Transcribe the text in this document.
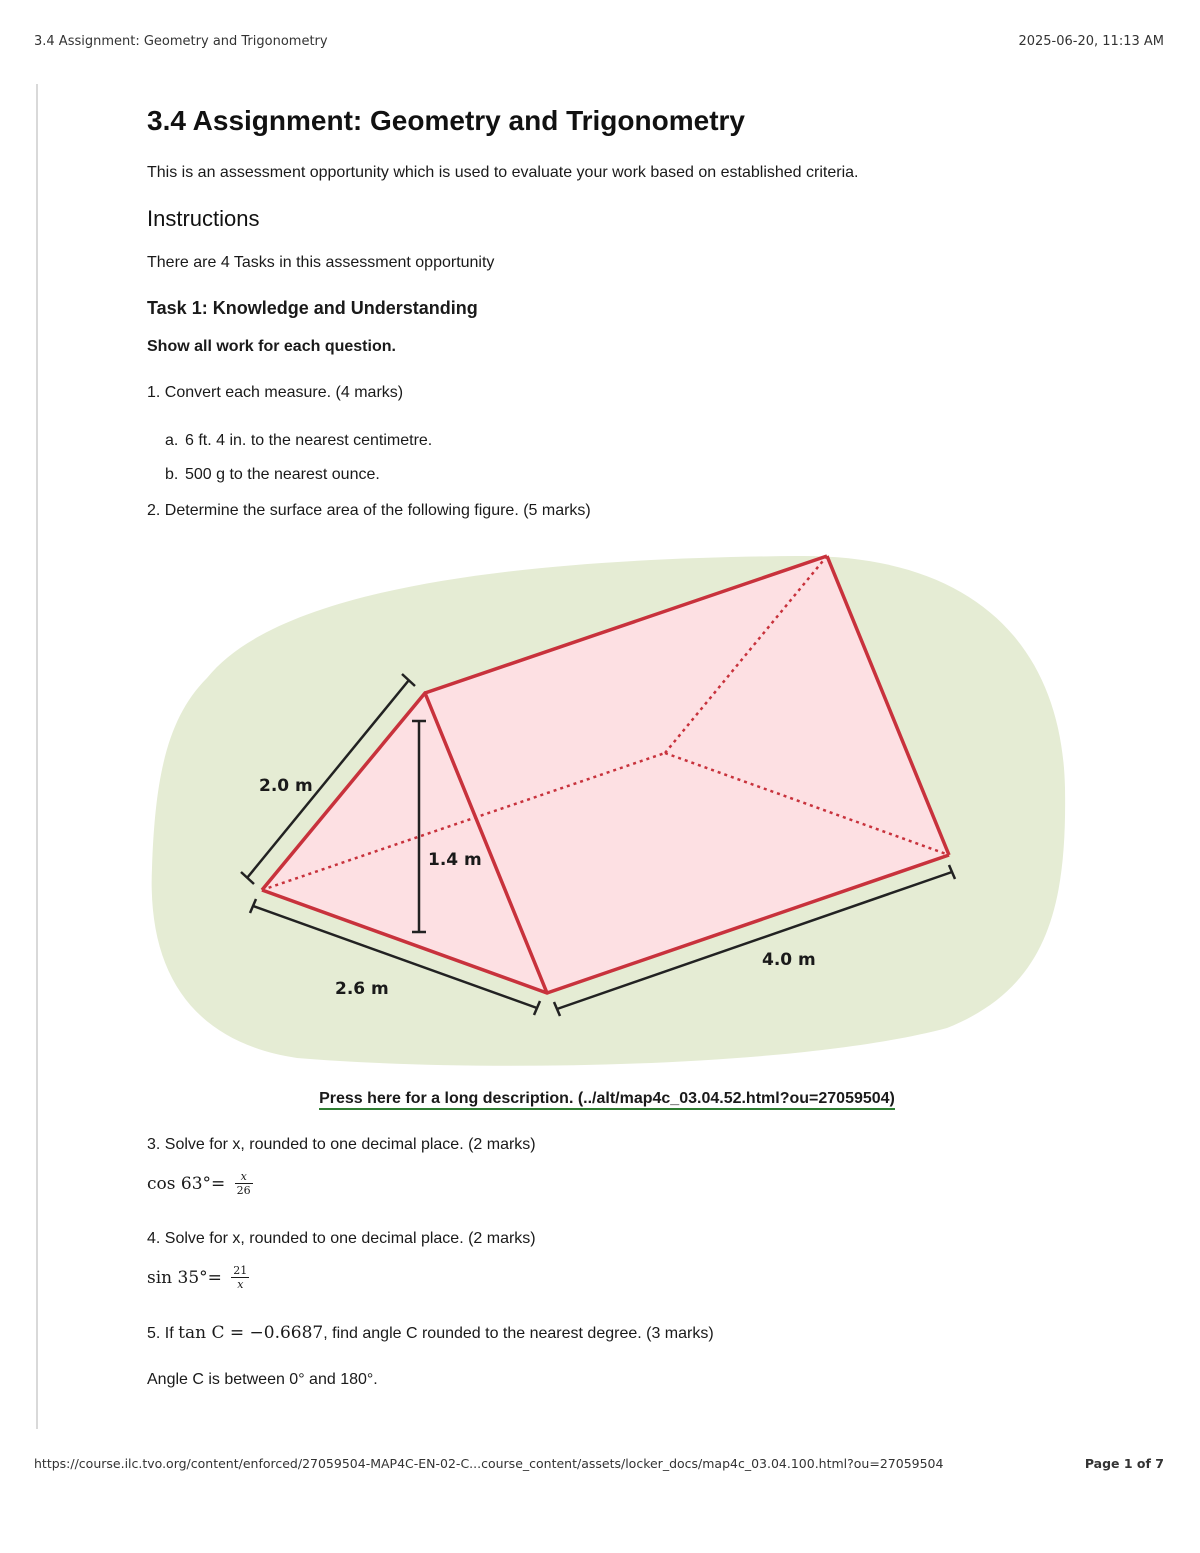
3.4 Assignment: Geometry and Trigonometry	2025-06-20, 11:13 AM
3.4 Assignment: Geometry and Trigonometry

This is an assessment opportunity which is used to evaluate your work based on established criteria.

Instructions

There are 4 Tasks in this assessment opportunity

Task 1: Knowledge and Understanding

Show all work for each question.

1. Convert each measure. (4 marks)

a. 6 ft. 4 in. to the nearest centimetre.
b. 500 g to the nearest ounce.

2. Determine the surface area of the following figure. (5 marks)

2.0 m
1.4 m
2.6 m
4.0 m

Press here for a long description. (../alt/map4c_03.04.52.html?ou=27059504)

3. Solve for x, rounded to one decimal place. (2 marks)

$\cos 63^\circ= \frac{x}{26}$

4. Solve for x, rounded to one decimal place. (2 marks)

$\sin 35^\circ= \frac{21}{x}$

5. If tan C = −0.6687, find angle C rounded to the nearest degree. (3 marks)

Angle C is between 0° and 180°.

https://course.ilc.tvo.org/content/enforced/27059504-MAP4C-EN-02-C...course_content/assets/locker_docs/map4c_03.04.100.html?ou=27059504	Page 1 of 7
